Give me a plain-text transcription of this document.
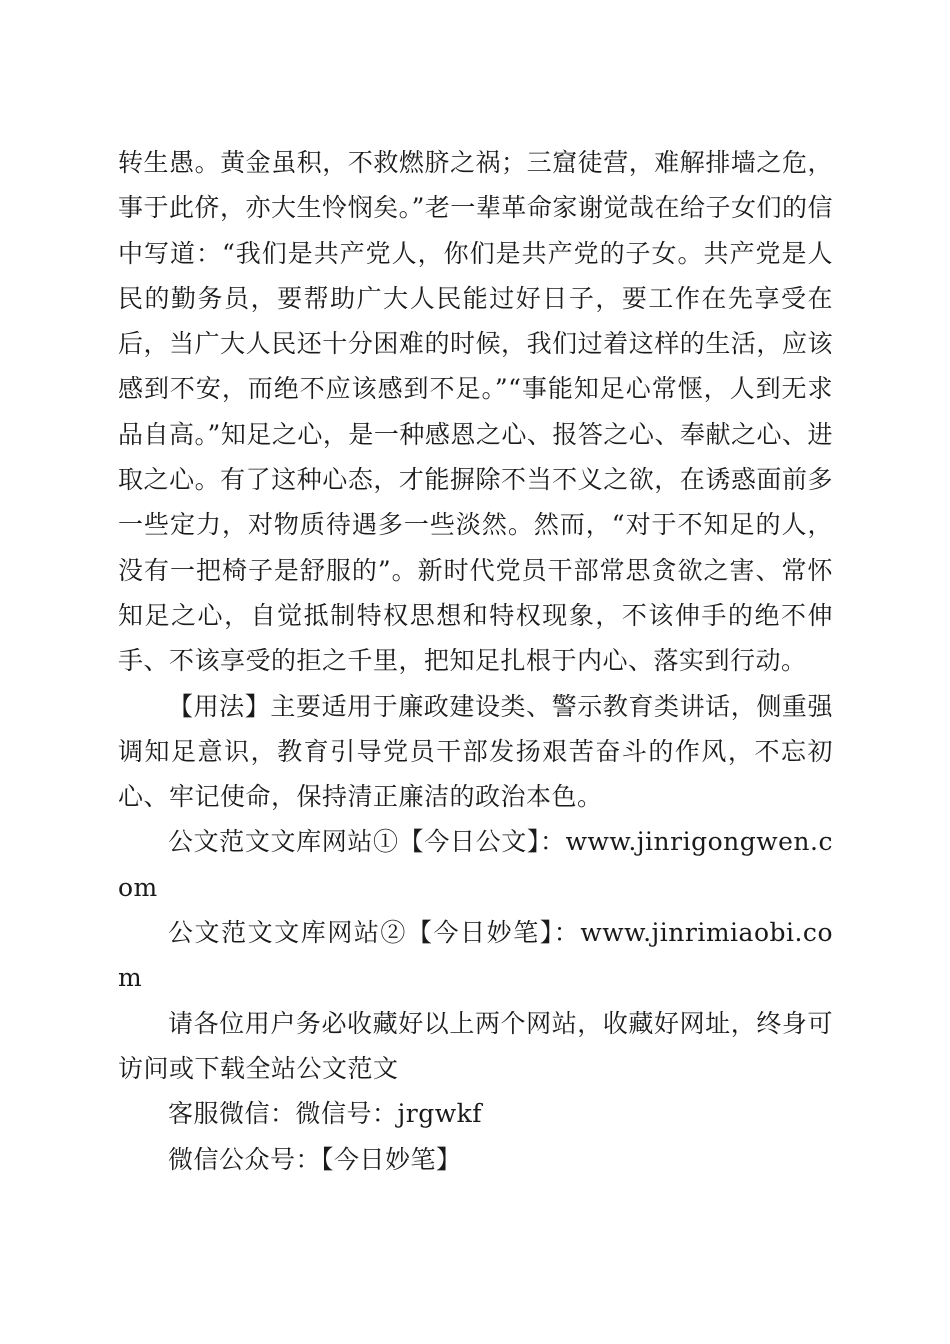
转生愚。黄金虽积，不救燃脐之祸；三窟徒营，难解排墙之危，事于此侪，亦大生怜悯矣。”老一辈革命家谢觉哉在给子女们的信中写道：“我们是共产党人，你们是共产党的子女。共产党是人民的勤务员，要帮助广大人民能过好日子，要工作在先享受在后，当广大人民还十分困难的时候，我们过着这样的生活，应该感到不安，而绝不应该感到不足。”“事能知足心常惬，人到无求品自高。”知足之心，是一种感恩之心、报答之心、奉献之心、进取之心。有了这种心态，才能摒除不当不义之欲，在诱惑面前多一些定力，对物质待遇多一些淡然。然而，“对于不知足的人，没有一把椅子是舒服的”。新时代党员干部常思贪欲之害、常怀知足之心，自觉抵制特权思想和特权现象，不该伸手的绝不伸手、不该享受的拒之千里，把知足扎根于内心、落实到行动。

【用法】主要适用于廉政建设类、警示教育类讲话，侧重强调知足意识，教育引导党员干部发扬艰苦奋斗的作风，不忘初心、牢记使命，保持清正廉洁的政治本色。

公文范文文库网站①【今日公文】：www.jinrigongwen.com

公文范文文库网站②【今日妙笔】：www.jinrimiaobi.com

请各位用户务必收藏好以上两个网站，收藏好网址，终身可访问或下载全站公文范文

客服微信：微信号：jrgwkf

微信公众号：【今日妙笔】
